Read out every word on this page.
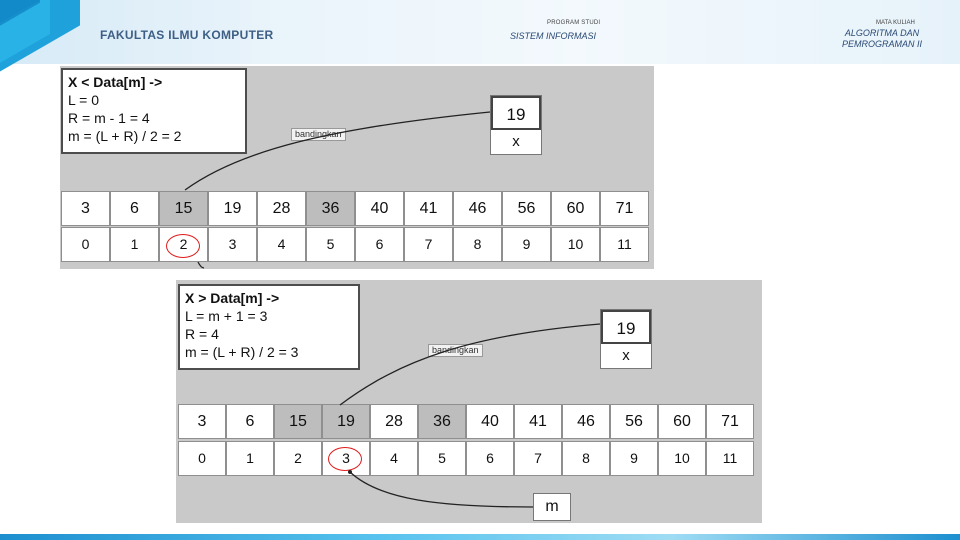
FAKULTAS ILMU KOMPUTER
PROGRAM STUDI
SISTEM INFORMASI
MATA KULIAH
ALGORITMA DAN PEMROGRAMAN II
X < Data[m] ->
L = 0
R = m - 1 = 4
m = (L + R) / 2 = 2
19
x
bandingkan
3	6	15	19	28	36	40	41	46	56	60	71
0	1	2	3	4	5	6	7	8	9	10	11
X > Data[m] ->
L = m + 1 = 3
R = 4
m = (L + R) / 2 = 3
19
x
bandingkan
3	6	15	19	28	36	40	41	46	56	60	71
0	1	2	3	4	5	6	7	8	9	10	11
m
